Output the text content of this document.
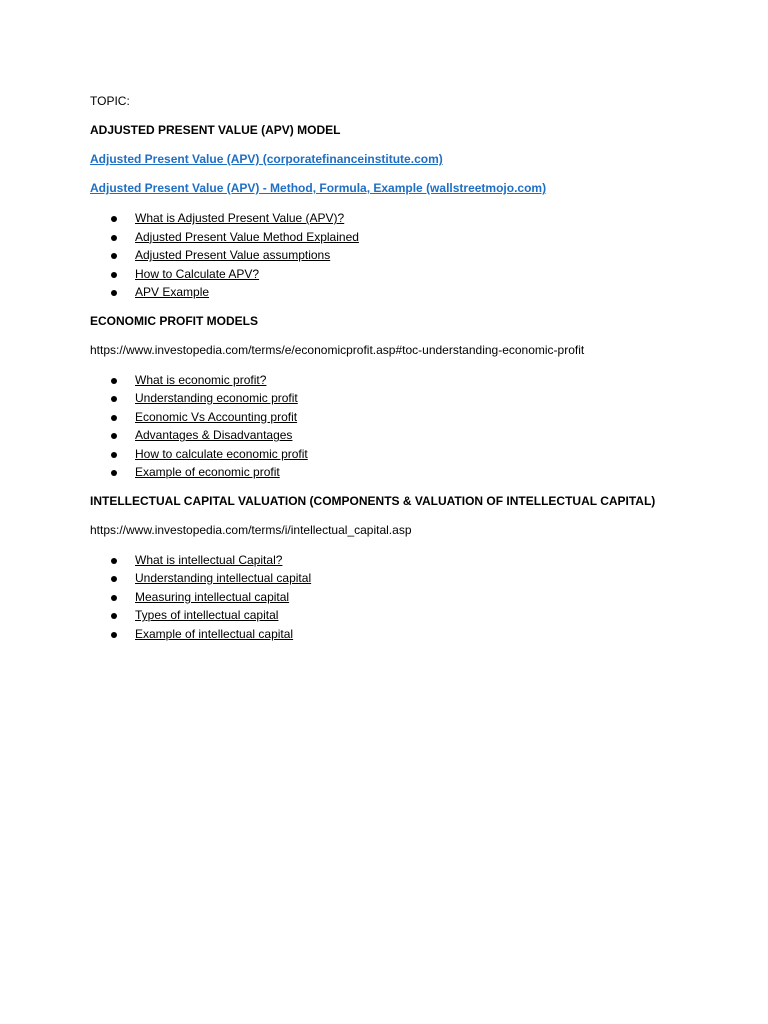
TOPIC:

ADJUSTED PRESENT VALUE (APV) MODEL

Adjusted Present Value (APV) (corporatefinanceinstitute.com)

Adjusted Present Value (APV) - Method, Formula, Example (wallstreetmojo.com)

What is Adjusted Present Value (APV)?
Adjusted Present Value Method Explained
Adjusted Present Value assumptions
How to Calculate APV?
APV Example

ECONOMIC PROFIT MODELS

https://www.investopedia.com/terms/e/economicprofit.asp#toc-understanding-economic-profit

What is economic profit?
Understanding economic profit
Economic Vs Accounting profit
Advantages & Disadvantages
How to calculate economic profit
Example of economic profit

INTELLECTUAL CAPITAL VALUATION (COMPONENTS & VALUATION OF INTELLECTUAL CAPITAL)

https://www.investopedia.com/terms/i/intellectual_capital.asp

What is intellectual Capital?
Understanding intellectual capital
Measuring intellectual capital
Types of intellectual capital
Example of intellectual capital
